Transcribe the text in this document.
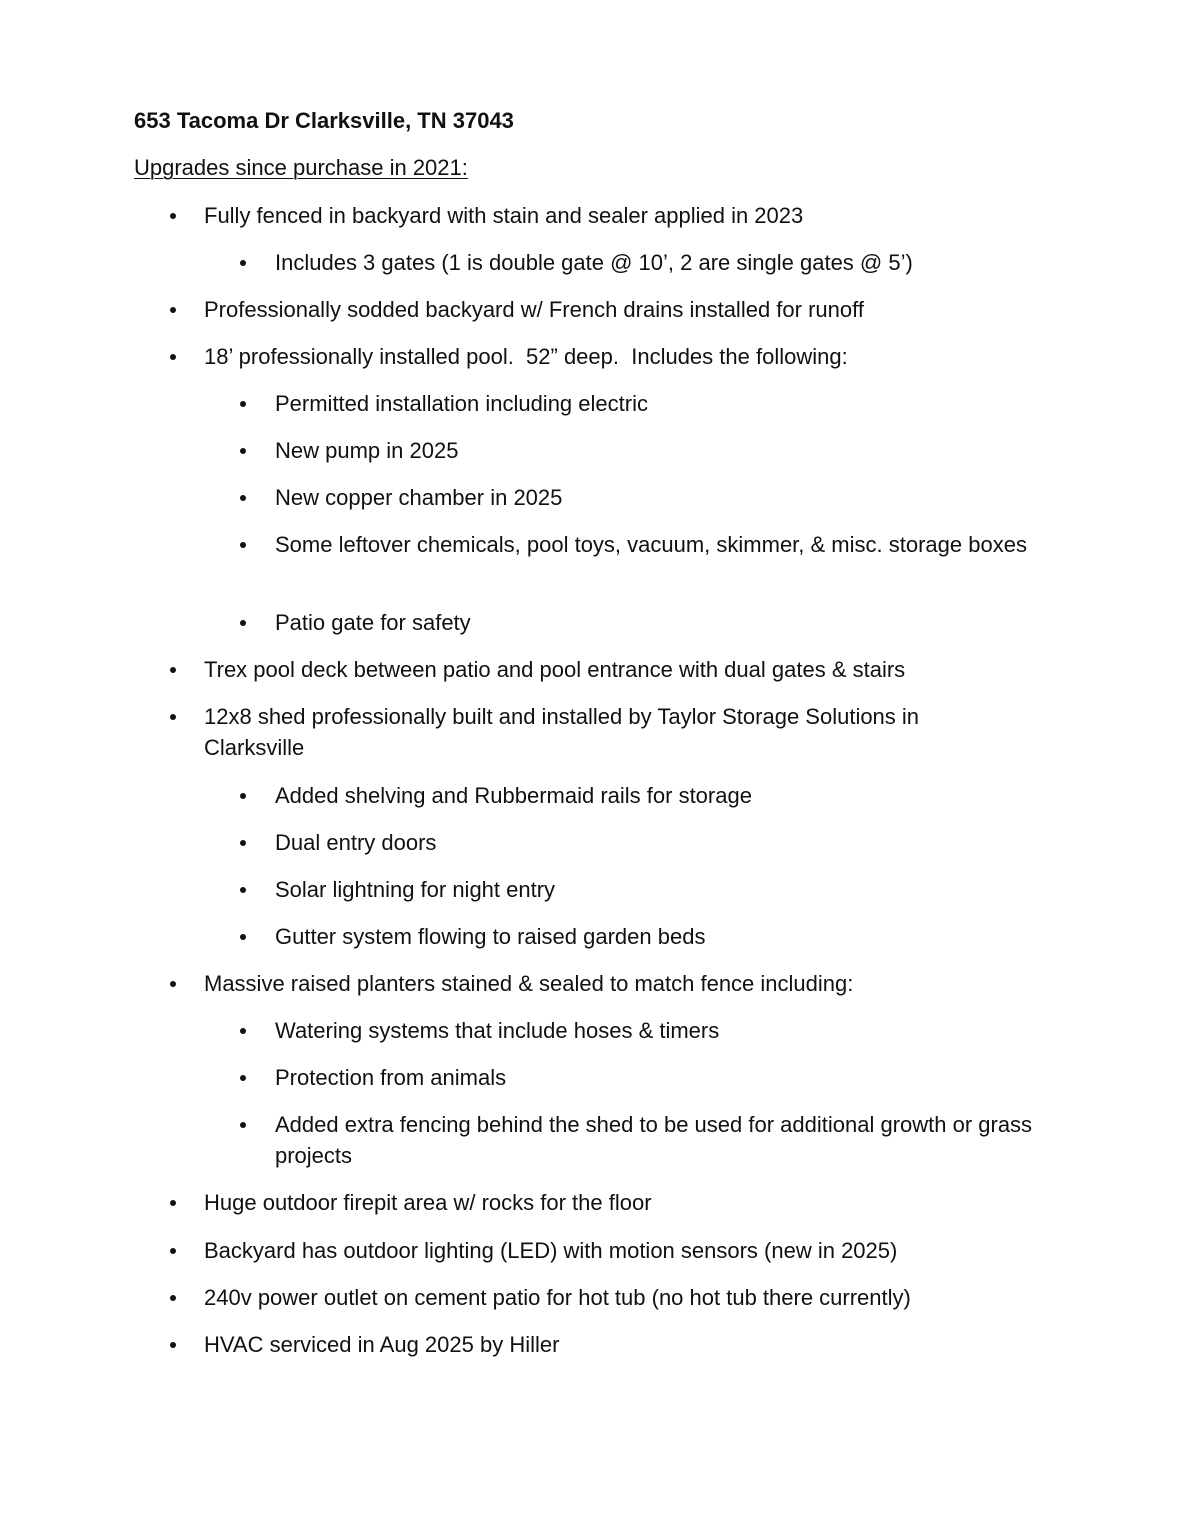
653 Tacoma Dr Clarksville, TN 37043
Upgrades since purchase in 2021:
Fully fenced in backyard with stain and sealer applied in 2023
Includes 3 gates (1 is double gate @ 10’, 2 are single gates @ 5’)
Professionally sodded backyard w/ French drains installed for runoff
18’ professionally installed pool.  52” deep.  Includes the following:
Permitted installation including electric
New pump in 2025
New copper chamber in 2025
Some leftover chemicals, pool toys, vacuum, skimmer, & misc. storage boxes
Patio gate for safety
Trex pool deck between patio and pool entrance with dual gates & stairs
12x8 shed professionally built and installed by Taylor Storage Solutions in Clarksville
Added shelving and Rubbermaid rails for storage
Dual entry doors
Solar lightning for night entry
Gutter system flowing to raised garden beds
Massive raised planters stained & sealed to match fence including:
Watering systems that include hoses & timers
Protection from animals
Added extra fencing behind the shed to be used for additional growth or grass projects
Huge outdoor firepit area w/ rocks for the floor
Backyard has outdoor lighting (LED) with motion sensors (new in 2025)
240v power outlet on cement patio for hot tub (no hot tub there currently)
HVAC serviced in Aug 2025 by Hiller
